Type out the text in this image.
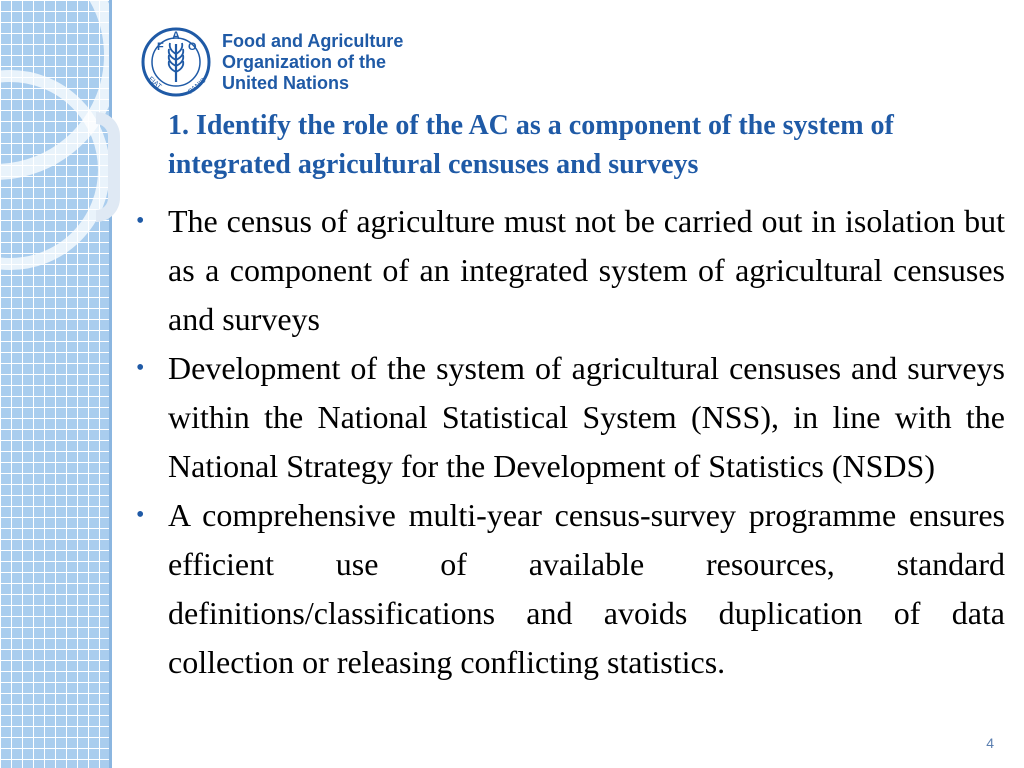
F
A
O
FIAT	PANIS
Food and Agriculture
Organization of the
United Nations
1. Identify the role of the AC as a component of the system of integrated agricultural censuses and surveys
• The census of agriculture must not be carried out in isolation but as a component of an integrated system of agricultural censuses and surveys
• Development of the system of agricultural censuses and surveys within the National Statistical System (NSS), in line with the National Strategy for the Development of Statistics (NSDS)
• A comprehensive multi-year census-survey programme ensures efficient use of available resources, standard definitions/classifications and avoids duplication of data collection or releasing conflicting statistics.
4
